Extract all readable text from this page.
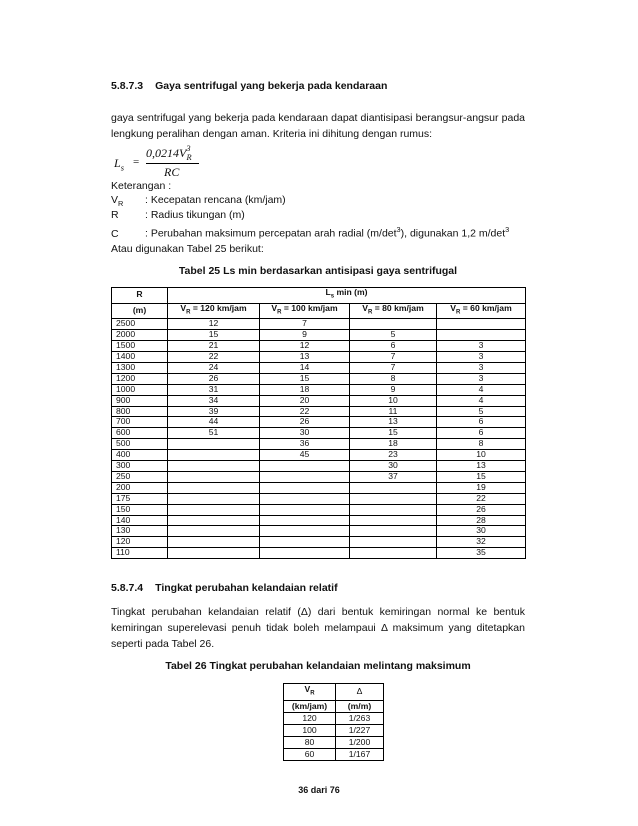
5.8.7.3 Gaya sentrifugal yang bekerja pada kendaraan
gaya sentrifugal yang bekerja pada kendaraan dapat diantisipasi berangsur-angsur pada lengkung peralihan dengan aman. Kriteria ini dihitung dengan rumus:
$L_s$ =
$0,0214V^3_R$
RC
Keterangan :
$V_R$ : Kecepatan rencana (km/jam)
R	: Radius tikungan (m)
C	: Perubahan maksimum percepatan arah radial $(m/\det^3)$, digunakan 1,2 $m/\det^3$
Atau digunakan Tabel 25 berikut:
Tabel 25 Ls min berdasarkan antisipasi gaya sentrifugal
R	$L_s$ min (m)			
(m)	$V_R = 120$ km/jam	$V_R = 100$ km/jam	$V_R = 80$ km/jam	$V_R = 60$ km/jam
2500	12	7		
2000	15	9	5	
1500	21	12	6	3
1400	22	13	7	3
1300	24	14	7	3
1200	26	15	8	3
1000	31	18	9	4
900	34	20	10	4
800	39	22	11	5
700	44	26	13	6
600	51	30	15	6
500		36	18	8
400		45	23	10
300			30	13
250			37	15
200				19
175				22
150				26
140				28
130				30
120				32
110				35
5.8.7.4 Tingkat perubahan kelandaian relatif
Tingkat perubahan kelandaian relatif (Δ) dari bentuk kemiringan normal ke bentuk kemiringan superelevasi penuh tidak boleh melampaui Δ maksimum yang ditetapkan seperti pada Tabel 26.
Tabel 26 Tingkat perubahan kelandaian melintang maksimum
$V_R$	Δ
(km/jam)	(m/m)
120	1/263
100	1/227
80	1/200
60	1/167
36 dari 76
